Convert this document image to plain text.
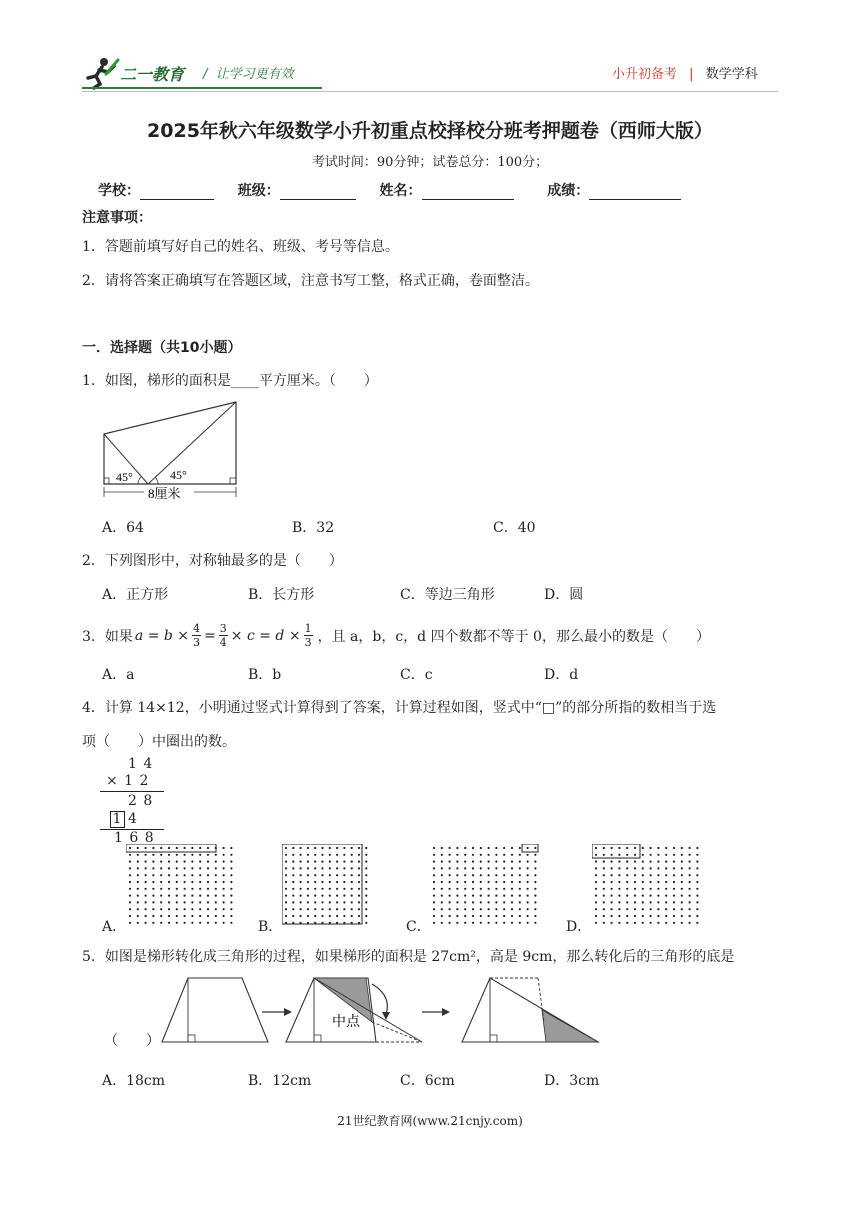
二一教育 /  让学习更有效	小升初备考 | 数学学科
2025年秋六年级数学小升初重点校择校分班考押题卷（西师大版）
考试时间：90分钟；试卷总分：100分；
学校：	班级：	姓名：	成绩：
注意事项：
1．答题前填写好自己的姓名、班级、考号等信息。
2．请将答案正确填写在答题区域，注意书写工整，格式正确，卷面整洁。
一．选择题（共10小题）
1．如图，梯形的面积是____平方厘米。（　　）
45°	45°
8厘米
A．64	B．32	C．40
2．下列图形中，对称轴最多的是（　　）
A．正方形	B．长方形	C．等边三角形	D．圆
3．如果 a = b × 4
3 = 3
4 × c = d × 1
3 ，且 a，b，c，d 四个数都不等于 0，那么最小的数是（　　）
A．a	B．b	C．c	D．d
4．计算 14×12，小明通过竖式计算得到了答案，计算过程如图，竖式中“□”的部分所指的数相当于选
项（　　）中圈出的数。
1 4
× 1 2
2 8
1 4
1 6 8
A．	B．	C．	D．
5．如图是梯形转化成三角形的过程，如果梯形的面积是 27cm²，高是 9cm，那么转化后的三角形的底是
（　　）
中点
A．18cm	B．12cm	C．6cm	D．3cm
21世纪教育网(www.21cnjy.com)
